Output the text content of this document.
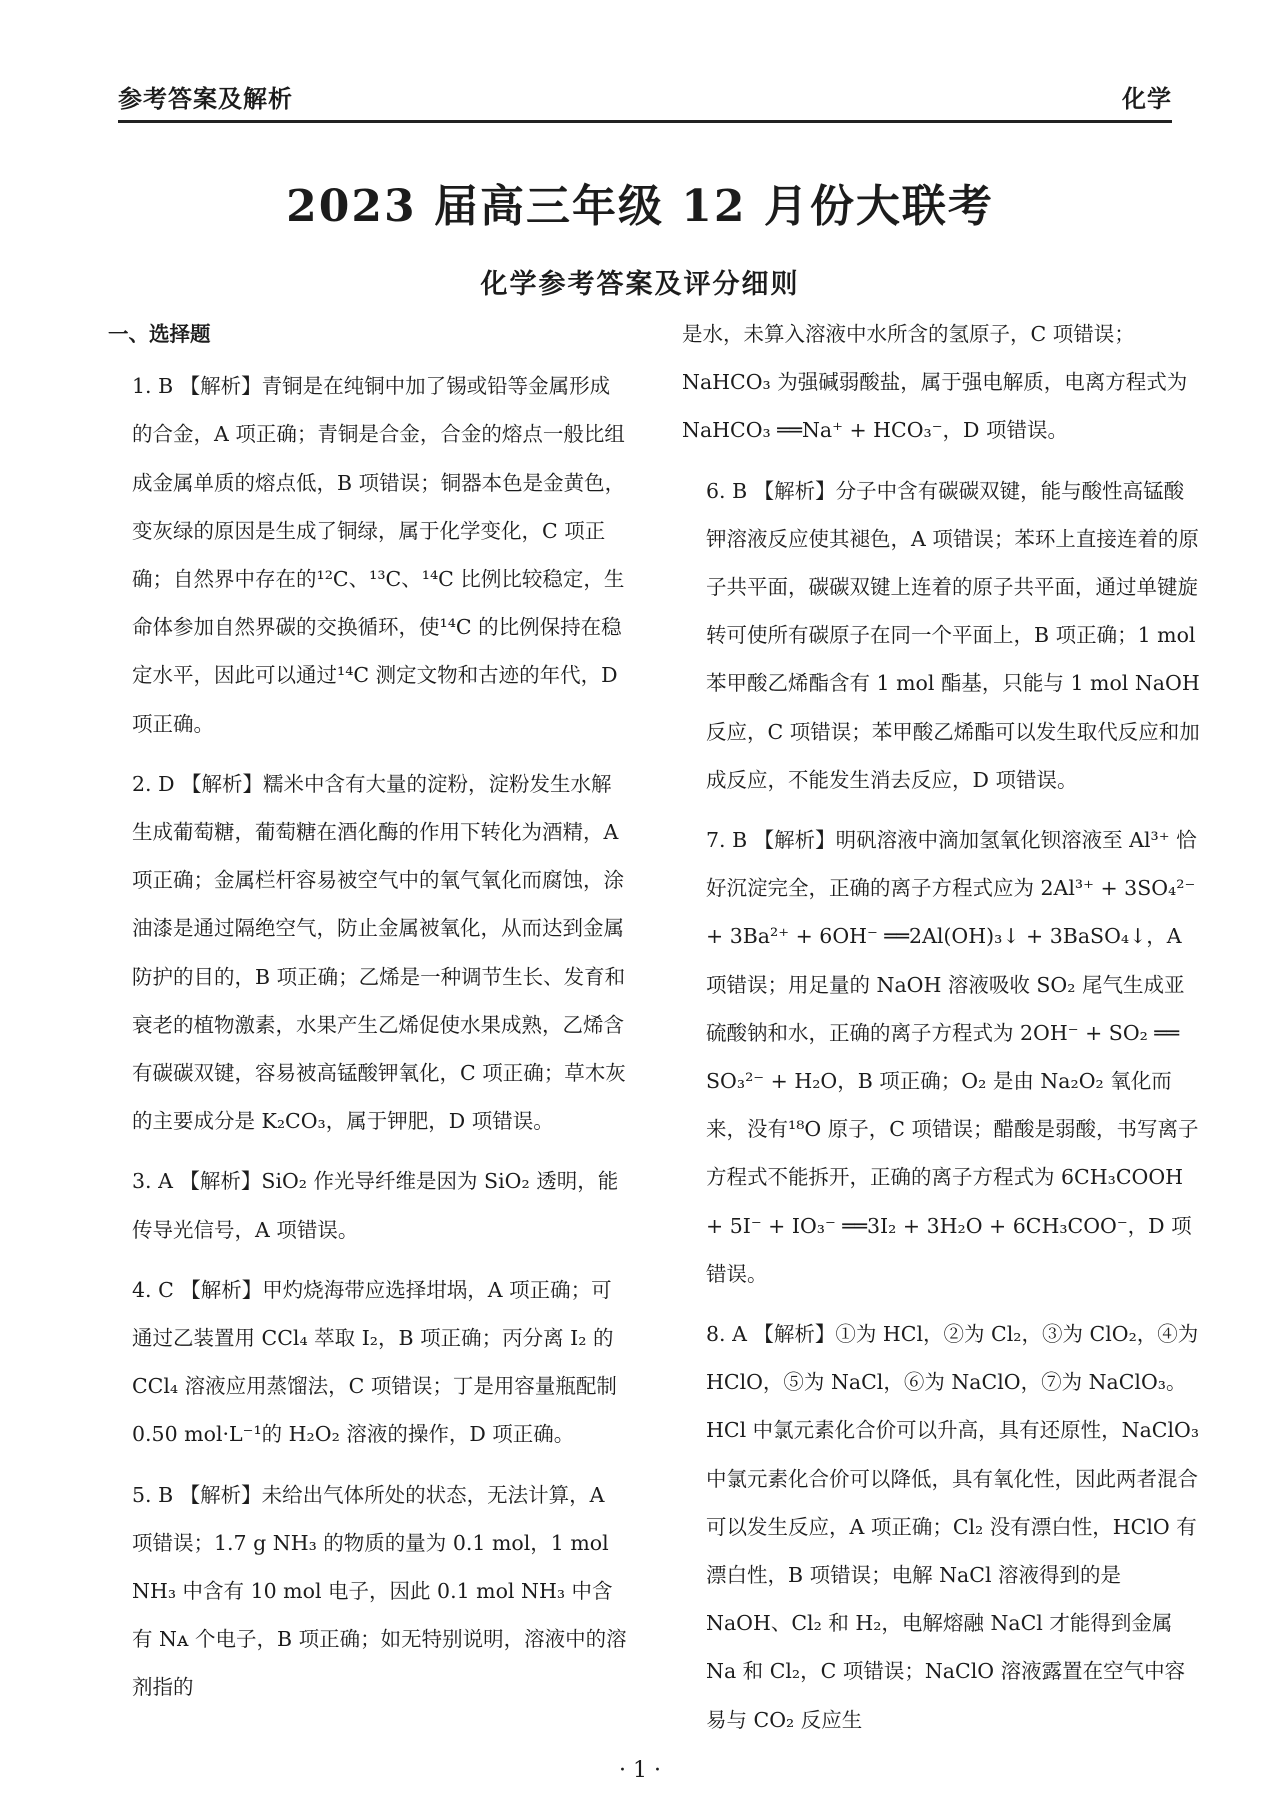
参考答案及解析	化学
2023 届高三年级 12 月份大联考
化学参考答案及评分细则

一、选择题

1. B 【解析】青铜是在纯铜中加了锡或铅等金属形成的合金，A 项正确；青铜是合金，合金的熔点一般比组成金属单质的熔点低，B 项错误；铜器本色是金黄色，变灰绿的原因是生成了铜绿，属于化学变化，C 项正确；自然界中存在的¹²C、¹³C、¹⁴C 比例比较稳定，生命体参加自然界碳的交换循环，使¹⁴C 的比例保持在稳定水平，因此可以通过¹⁴C 测定文物和古迹的年代，D 项正确。

2. D 【解析】糯米中含有大量的淀粉，淀粉发生水解生成葡萄糖，葡萄糖在酒化酶的作用下转化为酒精，A 项正确；金属栏杆容易被空气中的氧气氧化而腐蚀，涂油漆是通过隔绝空气，防止金属被氧化，从而达到金属防护的目的，B 项正确；乙烯是一种调节生长、发育和衰老的植物激素，水果产生乙烯促使水果成熟，乙烯含有碳碳双键，容易被高锰酸钾氧化，C 项正确；草木灰的主要成分是 K₂CO₃，属于钾肥，D 项错误。

3. A 【解析】SiO₂ 作光导纤维是因为 SiO₂ 透明，能传导光信号，A 项错误。

4. C 【解析】甲灼烧海带应选择坩埚，A 项正确；可通过乙装置用 CCl₄ 萃取 I₂，B 项正确；丙分离 I₂ 的 CCl₄ 溶液应用蒸馏法，C 项错误；丁是用容量瓶配制 0.50 mol·L⁻¹的 H₂O₂ 溶液的操作，D 项正确。

5. B 【解析】未给出气体所处的状态，无法计算，A 项错误；1.7 g NH₃ 的物质的量为 0.1 mol，1 mol NH₃ 中含有 10 mol 电子，因此 0.1 mol NH₃ 中含有 Nᴀ 个电子，B 项正确；如无特别说明，溶液中的溶剂指的

是水，未算入溶液中水所含的氢原子，C 项错误；NaHCO₃ 为强碱弱酸盐，属于强电解质，电离方程式为 NaHCO₃ ══Na⁺ + HCO₃⁻，D 项错误。

6. B 【解析】分子中含有碳碳双键，能与酸性高锰酸钾溶液反应使其褪色，A 项错误；苯环上直接连着的原子共平面，碳碳双键上连着的原子共平面，通过单键旋转可使所有碳原子在同一个平面上，B 项正确；1 mol苯甲酸乙烯酯含有 1 mol 酯基，只能与 1 mol NaOH 反应，C 项错误；苯甲酸乙烯酯可以发生取代反应和加成反应，不能发生消去反应，D 项错误。

7. B 【解析】明矾溶液中滴加氢氧化钡溶液至 Al³⁺ 恰好沉淀完全，正确的离子方程式应为 2Al³⁺ + 3SO₄²⁻ + 3Ba²⁺ + 6OH⁻ ══2Al(OH)₃↓ + 3BaSO₄↓，A 项错误；用足量的 NaOH 溶液吸收 SO₂ 尾气生成亚硫酸钠和水，正确的离子方程式为 2OH⁻ + SO₂ ══ SO₃²⁻ + H₂O，B 项正确；O₂ 是由 Na₂O₂ 氧化而来，没有¹⁸O 原子，C 项错误；醋酸是弱酸，书写离子方程式不能拆开，正确的离子方程式为 6CH₃COOH + 5I⁻ + IO₃⁻ ══3I₂ + 3H₂O + 6CH₃COO⁻，D 项错误。

8. A 【解析】①为 HCl，②为 Cl₂，③为 ClO₂，④为 HClO，⑤为 NaCl，⑥为 NaClO，⑦为 NaClO₃。HCl 中氯元素化合价可以升高，具有还原性，NaClO₃ 中氯元素化合价可以降低，具有氧化性，因此两者混合可以发生反应，A 项正确；Cl₂ 没有漂白性，HClO 有漂白性，B 项错误；电解 NaCl 溶液得到的是 NaOH、Cl₂ 和 H₂，电解熔融 NaCl 才能得到金属 Na 和 Cl₂，C 项错误；NaClO 溶液露置在空气中容易与 CO₂ 反应生

· 1 ·
